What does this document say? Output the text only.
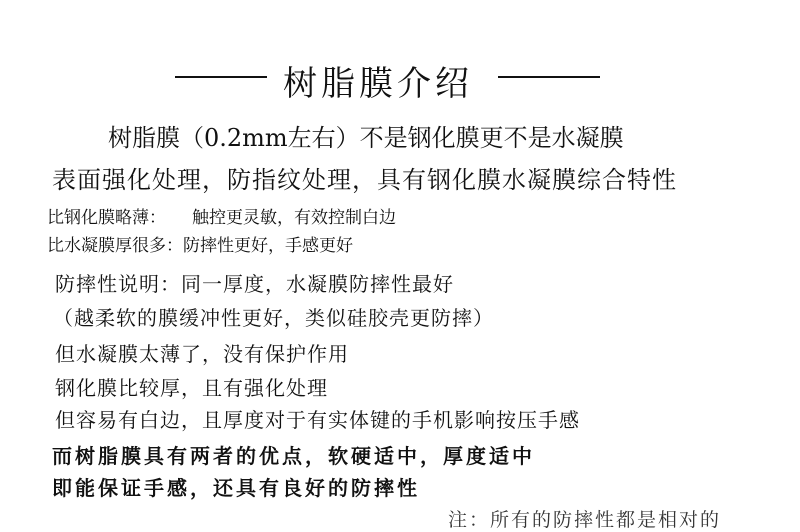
树脂膜介绍
树脂膜（0.2mm左右）不是钢化膜更不是水凝膜
表面强化处理，防指纹处理，具有钢化膜水凝膜综合特性
比钢化膜略薄： 触控更灵敏，有效控制白边
比水凝膜厚很多：防摔性更好，手感更好
防摔性说明：同一厚度，水凝膜防摔性最好
（越柔软的膜缓冲性更好，类似硅胶壳更防摔）
但水凝膜太薄了，没有保护作用
钢化膜比较厚，且有强化处理
但容易有白边，且厚度对于有实体键的手机影响按压手感
而树脂膜具有两者的优点，软硬适中，厚度适中
即能保证手感，还具有良好的防摔性
注：所有的防摔性都是相对的
